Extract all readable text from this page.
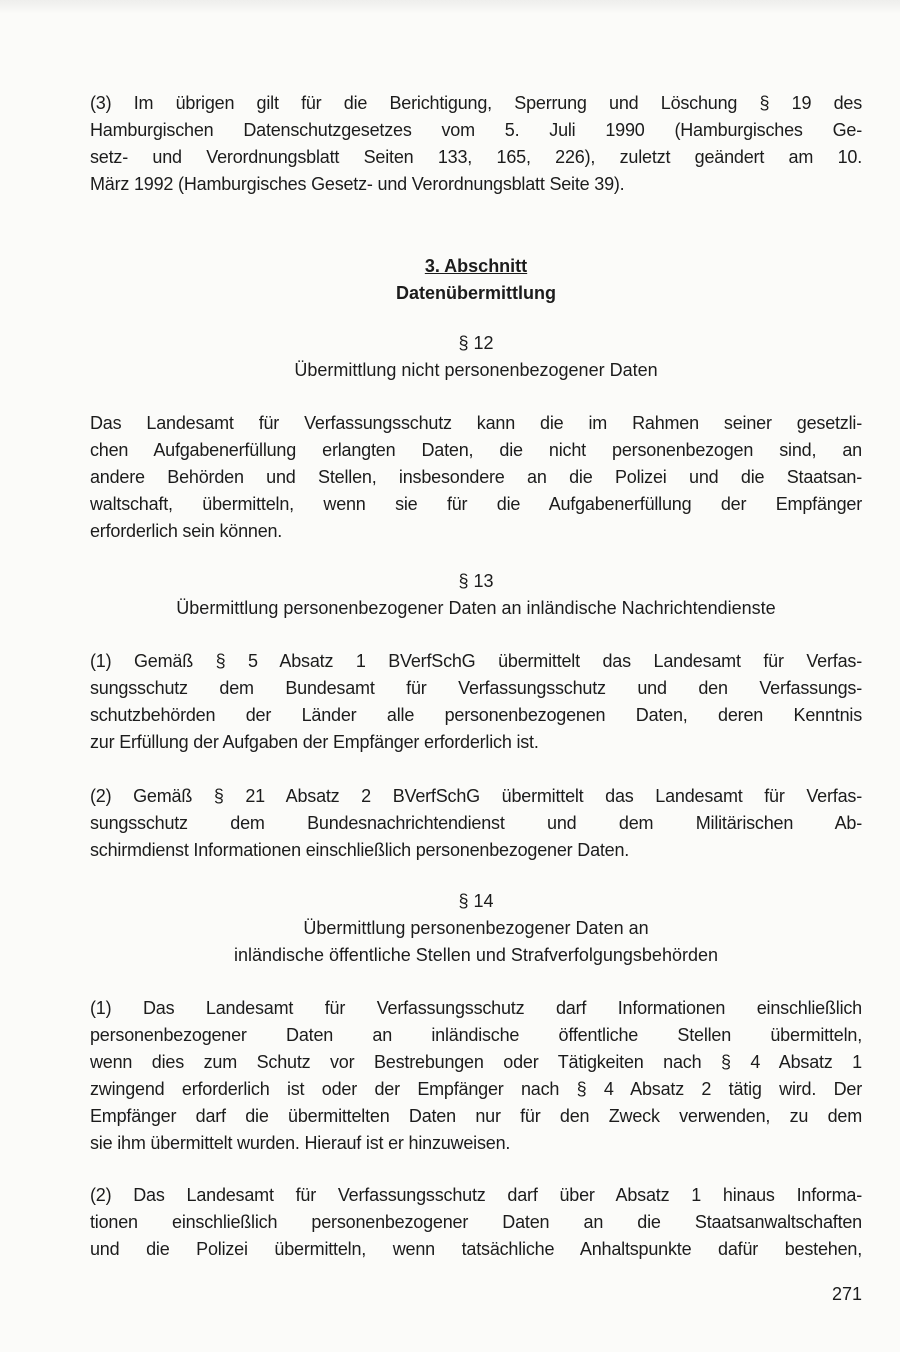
(3) Im übrigen gilt für die Berichtigung, Sperrung und Löschung § 19 des
Hamburgischen Datenschutzgesetzes vom 5. Juli 1990 (Hamburgisches Ge-
setz- und Verordnungsblatt Seiten 133, 165, 226), zuletzt geändert am 10.
März 1992 (Hamburgisches Gesetz- und Verordnungsblatt Seite 39).
3. Abschnitt
Datenübermittlung
§ 12
Übermittlung nicht personenbezogener Daten
Das Landesamt für Verfassungsschutz kann die im Rahmen seiner gesetzli-
chen Aufgabenerfüllung erlangten Daten, die nicht personenbezogen sind, an
andere Behörden und Stellen, insbesondere an die Polizei und die Staatsan-
waltschaft, übermitteln, wenn sie für die Aufgabenerfüllung der Empfänger
erforderlich sein können.
§ 13
Übermittlung personenbezogener Daten an inländische Nachrichtendienste
(1) Gemäß § 5 Absatz 1 BVerfSchG übermittelt das Landesamt für Verfas-
sungsschutz dem Bundesamt für Verfassungsschutz und den Verfassungs-
schutzbehörden der Länder alle personenbezogenen Daten, deren Kenntnis
zur Erfüllung der Aufgaben der Empfänger erforderlich ist.
(2) Gemäß § 21 Absatz 2 BVerfSchG übermittelt das Landesamt für Verfas-
sungsschutz dem Bundesnachrichtendienst und dem Militärischen Ab-
schirmdienst Informationen einschließlich personenbezogener Daten.
§ 14
Übermittlung personenbezogener Daten an
inländische öffentliche Stellen und Strafverfolgungsbehörden
(1) Das Landesamt für Verfassungsschutz darf Informationen einschließlich
personenbezogener Daten an inländische öffentliche Stellen übermitteln,
wenn dies zum Schutz vor Bestrebungen oder Tätigkeiten nach § 4 Absatz 1
zwingend erforderlich ist oder der Empfänger nach § 4 Absatz 2 tätig wird. Der
Empfänger darf die übermittelten Daten nur für den Zweck verwenden, zu dem
sie ihm übermittelt wurden. Hierauf ist er hinzuweisen.
(2) Das Landesamt für Verfassungsschutz darf über Absatz 1 hinaus Informa-
tionen einschließlich personenbezogener Daten an die Staatsanwaltschaften
und die Polizei übermitteln, wenn tatsächliche Anhaltspunkte dafür bestehen,
271
